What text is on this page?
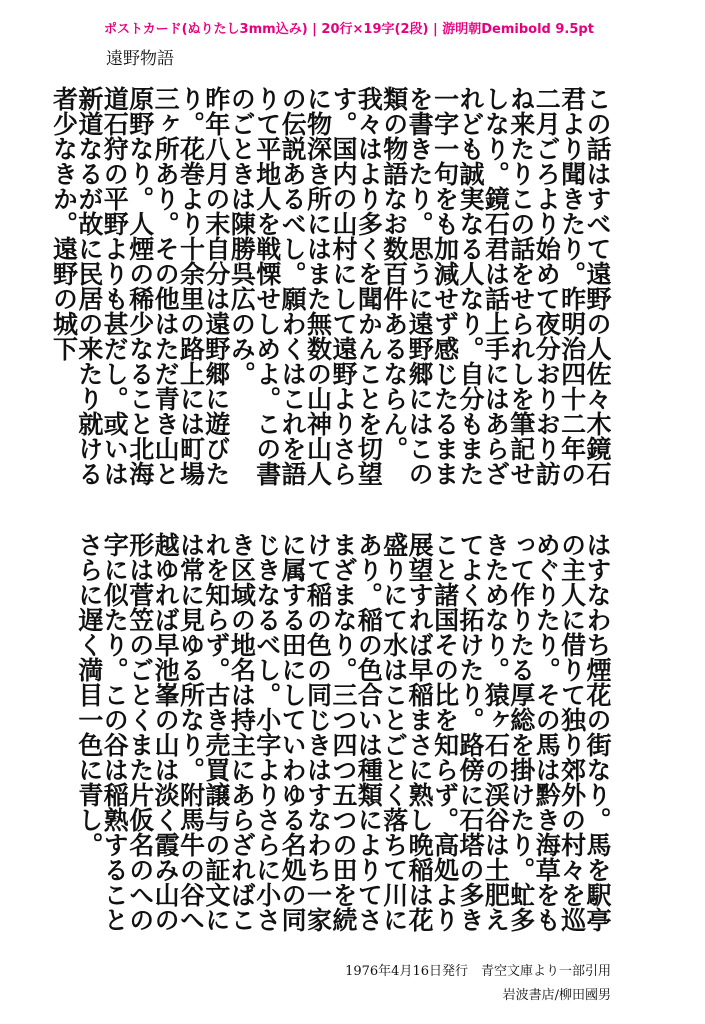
ポストカード(ぬりたし3mm込み) | 20行×19字(2段) | 游明朝Demibold 9.5pt
遠野物語

この話はすべて遠野の人佐々木鏡石君より聞きたり。昨明治四十二年の二月ごろより始めて夜分おりおり訪ね来たりこの話をせられしを筆記せしなり。鏡石君は話上手にはあらざれども誠実なる人なり。自分もまた一字一句をも加減せず感じたるままを書きたり。思うに遠野郷にはこの類の物語なお数百件あるならん。我々はより多くを聞かんことを切望す。国内の山村にして遠野よりさらに物深き所にはまた無数の山神山人の伝説あるべし。願わくはこれを語りて平地人を戦慄せしめよ。この書のごときは陳勝呉広のみ。

昨年八月の末自分は遠野郷に遊びたり。花巻より十余里の路上には町場三ヶ所あり。その他はただ青き山と原野なり。人煙の稀少なること北海道石狩の平野よりも甚だし。或いは新道なるが故に民居の来たり就ける者少なきか。遠野の城下

はすなわち煙花の街なり。馬を駅亭の主人に借りて独り郊外の村々を巡めぐりたり。その馬は黔き海草をもって作りたる厚総を掛けたり。虻多きためなり。猿ヶ石の渓谷は土肥えてよく拓けたり。路傍に石塔の多きこと諸国その比を知らず。高処より展望すれば早稲まさに熟し晩稲は花盛りにて水はことごとく落ちて川にあり。稲の色合いは種類によりてさまざまなり。三つ四つ五つの田を続けて稲の色の同じきはすなわち一家に属する田にしていわゆる名処の同じきなるべし。小字よりさらに小さき区域の地名は持主にあらざればこれを知らず。古き売買譲与の証文には常に見ゆる所なり。附馬牛の谷へ越ゆれば早池峯の山は淡く霞み山の形は菅笠のごとくまた片仮名のへの字に似たり。この谷は稲熟することさらに遅く満目一色に青し。

1976年4月16日発行　青空文庫より一部引用
岩波書店/柳田國男
